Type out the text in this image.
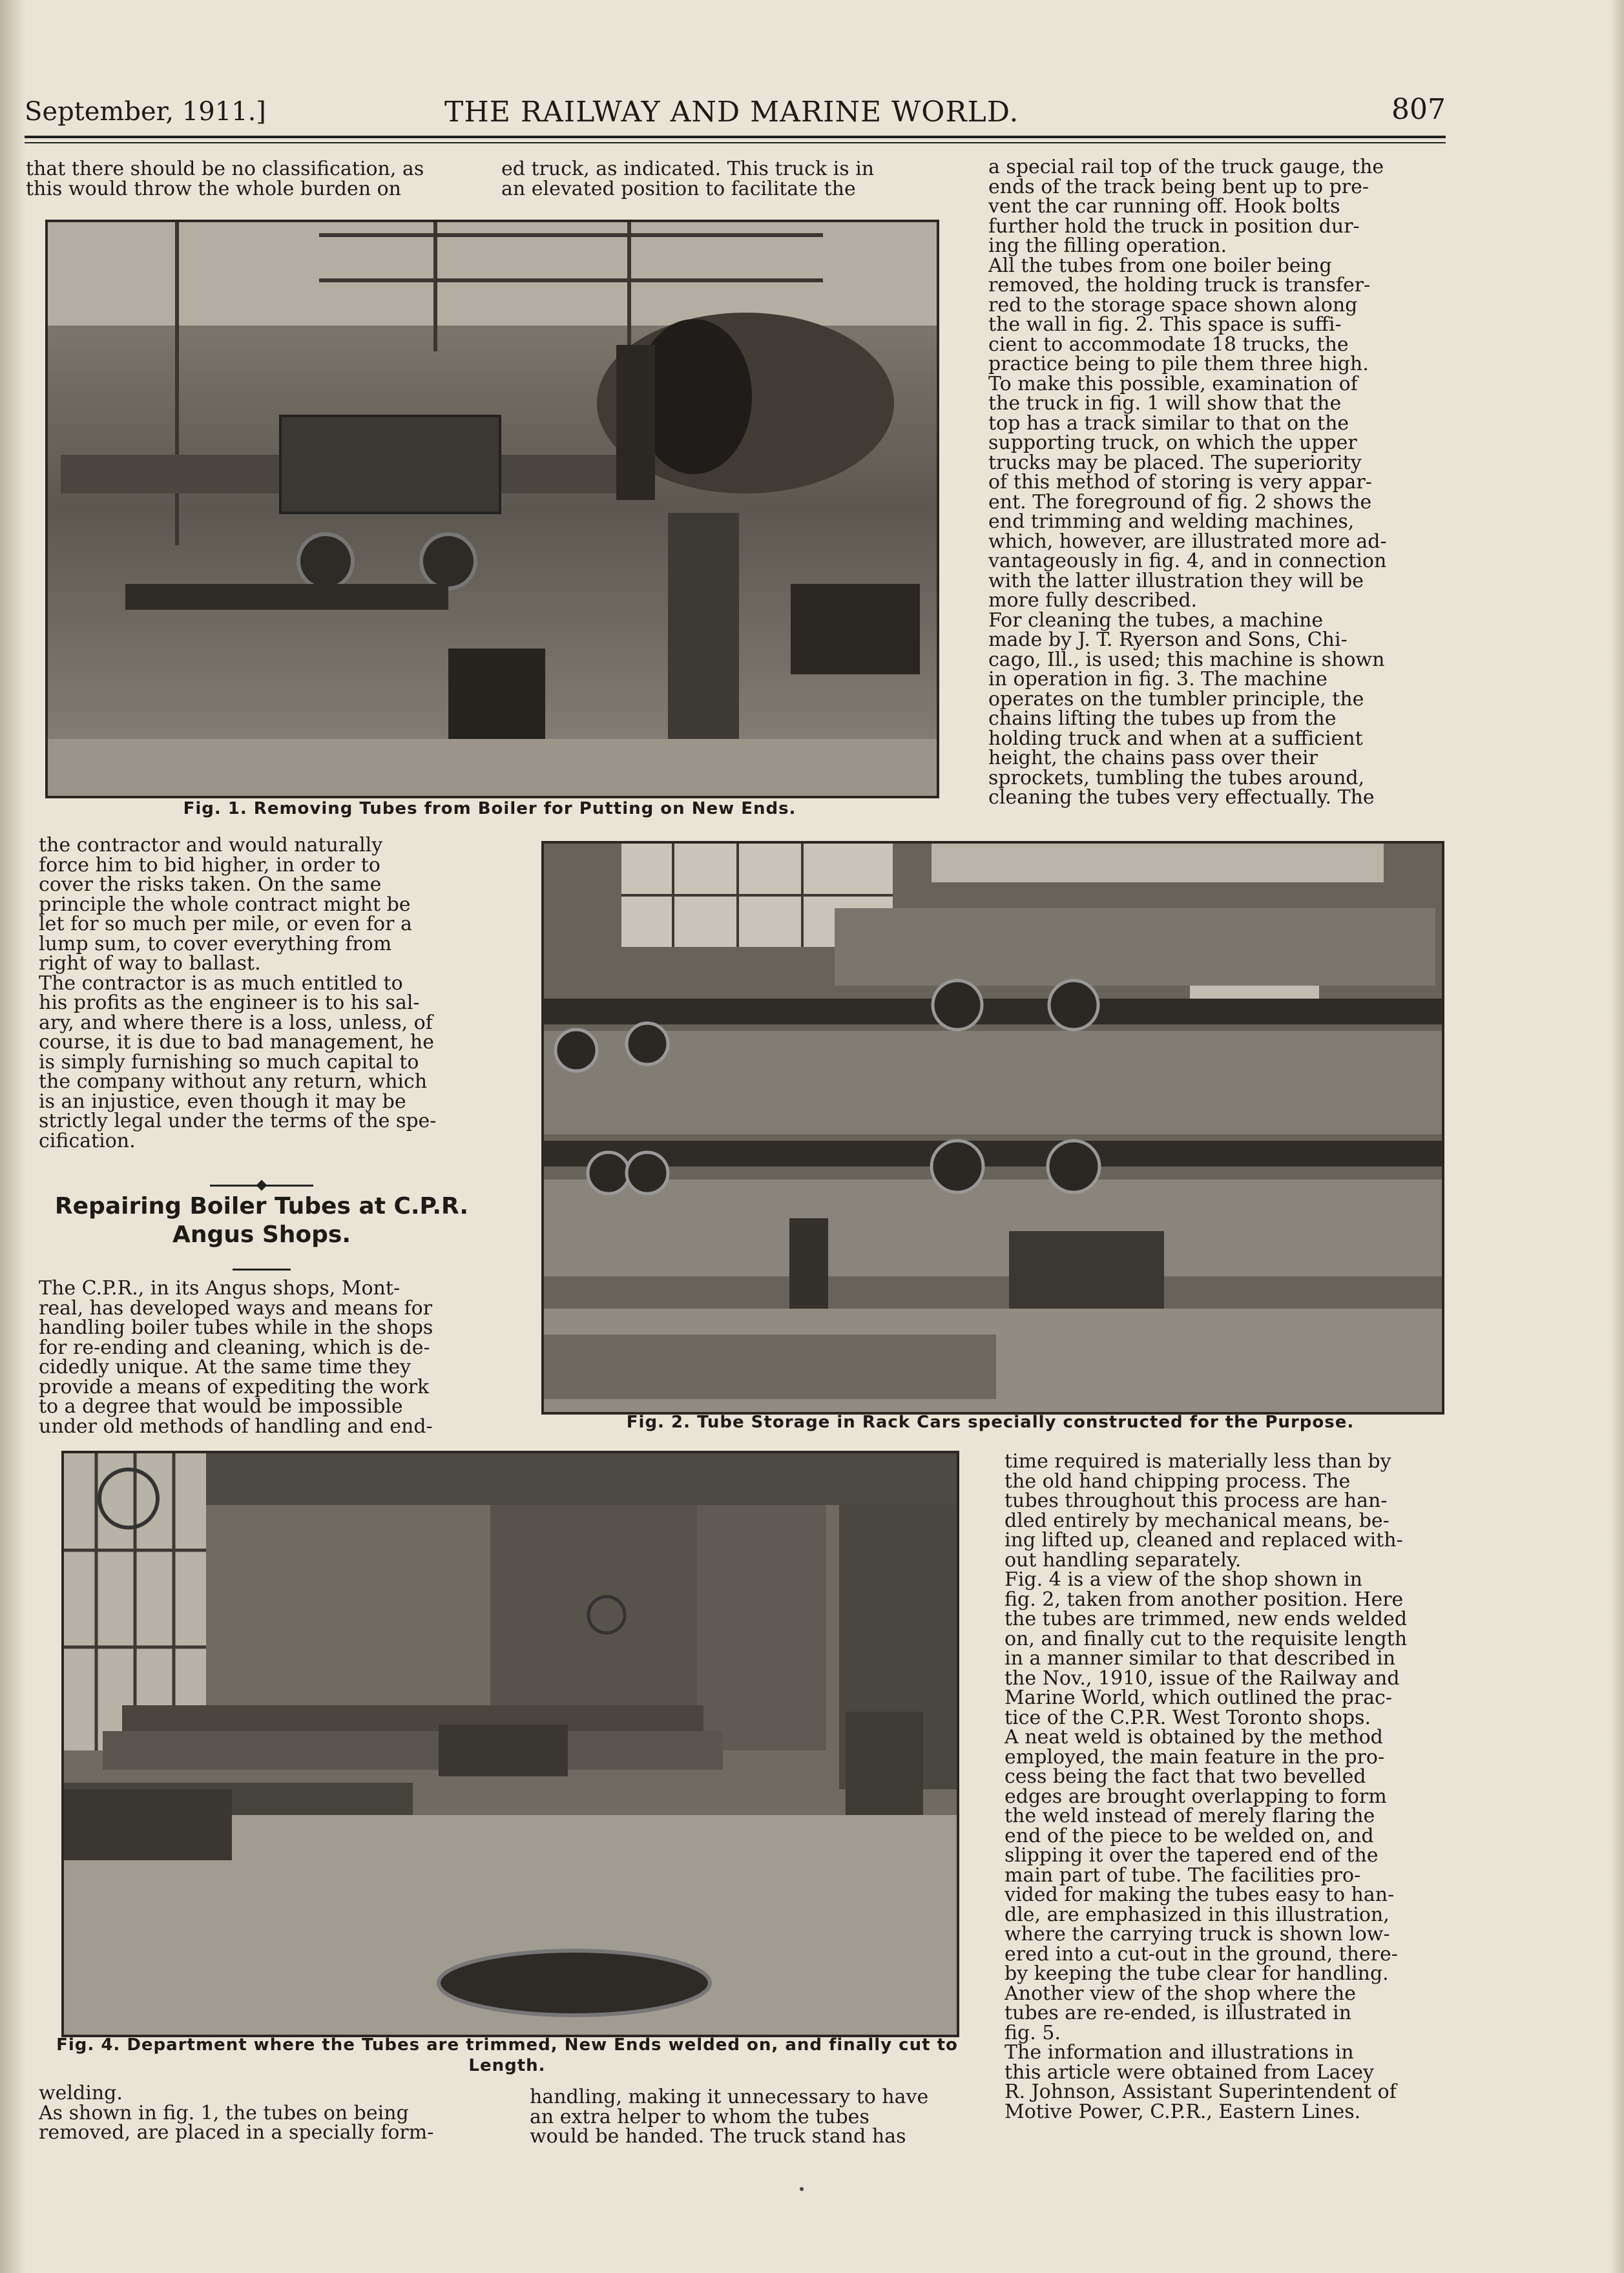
September, 1911.]	THE RAILWAY AND MARINE WORLD.	807
that there should be no classification, as
this would throw the whole burden on
ed truck, as indicated. This truck is in
an elevated position to facilitate the
a special rail top of the truck gauge, the
ends of the track being bent up to pre-
vent the car running off. Hook bolts
further hold the truck in position dur-
ing the filling operation.
All the tubes from one boiler being
removed, the holding truck is transfer-
red to the storage space shown along
the wall in fig. 2. This space is suffi-
cient to accommodate 18 trucks, the
practice being to pile them three high.
To make this possible, examination of
the truck in fig. 1 will show that the
top has a track similar to that on the
supporting truck, on which the upper
trucks may be placed. The superiority
of this method of storing is very appar-
ent. The foreground of fig. 2 shows the
end trimming and welding machines,
which, however, are illustrated more ad-
vantageously in fig. 4, and in connection
with the latter illustration they will be
more fully described.
For cleaning the tubes, a machine
made by J. T. Ryerson and Sons, Chi-
cago, Ill., is used; this machine is shown
in operation in fig. 3. The machine
operates on the tumbler principle, the
chains lifting the tubes up from the
holding truck and when at a sufficient
height, the chains pass over their
sprockets, tumbling the tubes around,
cleaning the tubes very effectually. The
Fig. 1. Removing Tubes from Boiler for Putting on New Ends.
the contractor and would naturally
force him to bid higher, in order to
cover the risks taken. On the same
principle the whole contract might be
let for so much per mile, or even for a
lump sum, to cover everything from
right of way to ballast.
The contractor is as much entitled to
his profits as the engineer is to his sal-
ary, and where there is a loss, unless, of
course, it is due to bad management, he
is simply furnishing so much capital to
the company without any return, which
is an injustice, even though it may be
strictly legal under the terms of the spe-
cification.
Repairing Boiler Tubes at C.P.R.
Angus Shops.
The C.P.R., in its Angus shops, Mont-
real, has developed ways and means for
handling boiler tubes while in the shops
for re-ending and cleaning, which is de-
cidedly unique. At the same time they
provide a means of expediting the work
to a degree that would be impossible
under old methods of handling and end-	Fig. 2. Tube Storage in Rack Cars specially constructed for the Purpose.
time required is materially less than by
the old hand chipping process. The
tubes throughout this process are han-
dled entirely by mechanical means, be-
ing lifted up, cleaned and replaced with-
out handling separately.
Fig. 4 is a view of the shop shown in
fig. 2, taken from another position. Here
the tubes are trimmed, new ends welded
on, and finally cut to the requisite length
in a manner similar to that described in
the Nov., 1910, issue of the Railway and
Marine World, which outlined the prac-
tice of the C.P.R. West Toronto shops.
A neat weld is obtained by the method
employed, the main feature in the pro-
cess being the fact that two bevelled
edges are brought overlapping to form
the weld instead of merely flaring the
end of the piece to be welded on, and
slipping it over the tapered end of the
main part of tube. The facilities pro-
vided for making the tubes easy to han-
dle, are emphasized in this illustration,
where the carrying truck is shown low-
ered into a cut-out in the ground, there-
by keeping the tube clear for handling.
Another view of the shop where the
tubes are re-ended, is illustrated in
fig. 5.
The information and illustrations in
this article were obtained from Lacey
R. Johnson, Assistant Superintendent of
Motive Power, C.P.R., Eastern Lines.
Fig. 4. Department where the Tubes are trimmed, New Ends welded on, and finally cut to
Length.
welding.
As shown in fig. 1, the tubes on being
removed, are placed in a specially form-
handling, making it unnecessary to have
an extra helper to whom the tubes
would be handed. The truck stand has
